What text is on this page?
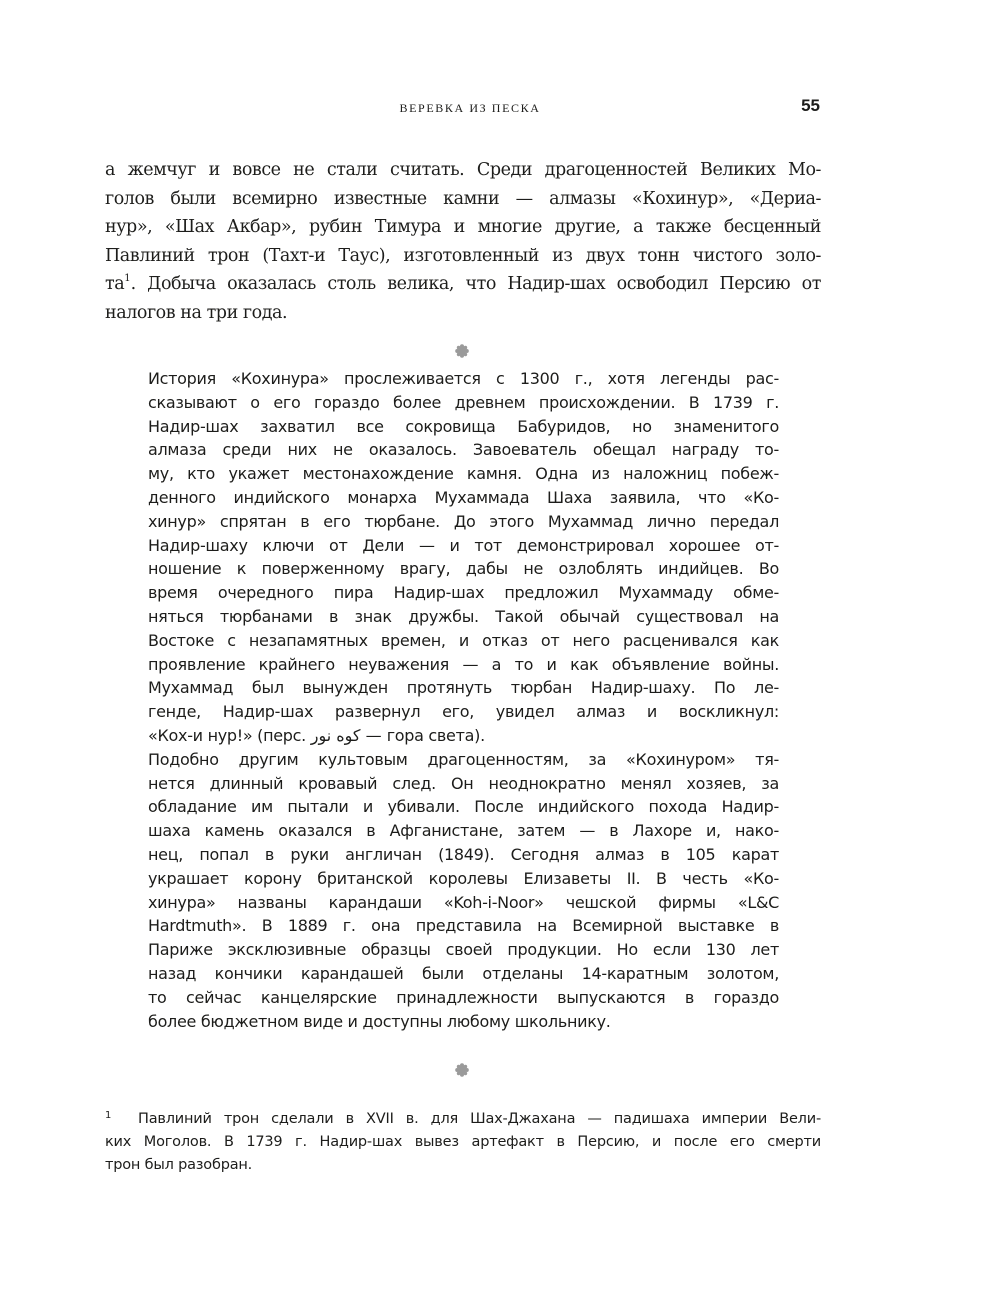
ВЕРЕВКА ИЗ ПЕСКА	55
а жемчуг и вовсе не стали считать. Среди драгоценностей Великих Мо-
голов были всемирно известные камни — алмазы «Кохинур», «Дериа-
нур», «Шах Акбар», рубин Тимура и многие другие, а также бесценный
Павлиний трон (Тахт-и Таус), изготовленный из двух тонн чистого золо-
$та^1$. Добыча оказалась столь велика, что Надир-шах освободил Персию от
налогов на три года.
История «Кохинура» прослеживается с 1300 г., хотя легенды рас-
сказывают о его гораздо более древнем происхождении. В 1739 г.
Надир-шах захватил все сокровища Бабуридов, но знаменитого
алмаза среди них не оказалось. Завоеватель обещал награду то-
му, кто укажет местонахождение камня. Одна из наложниц побеж-
денного индийского монарха Мухаммада Шаха заявила, что «Ко-
хинур» спрятан в его тюрбане. До этого Мухаммад лично передал
Надир-шаху ключи от Дели — и тот демонстрировал хорошее от-
ношение к поверженному врагу, дабы не озлоблять индийцев. Во
время очередного пира Надир-шах предложил Мухаммаду обме-
няться тюрбанами в знак дружбы. Такой обычай существовал на
Востоке с незапамятных времен, и отказ от него расценивался как
проявление крайнего неуважения — а то и как объявление войны.
Мухаммад был вынужден протянуть тюрбан Надир-шаху. По ле-
генде, Надир-шах развернул его, увидел алмаз и воскликнул:
«Кох-и нур!» (перс. کوه نور — гора света).
Подобно другим культовым драгоценностям, за «Кохинуром» тя-
нется длинный кровавый след. Он неоднократно менял хозяев, за
обладание им пытали и убивали. После индийского похода Надир-
шаха камень оказался в Афганистане, затем — в Лахоре и, нако-
нец, попал в руки англичан (1849). Сегодня алмаз в 105 карат
украшает корону британской королевы Елизаветы II. В честь «Ко-
хинура» названы карандаши «Koh-i-Noor» чешской фирмы «L&C
Hardtmuth». В 1889 г. она представила на Всемирной выставке в
Париже эксклюзивные образцы своей продукции. Но если 130 лет
назад кончики карандашей были отделаны 14-каратным золотом,
то сейчас канцелярские принадлежности выпускаются в гораздо
более бюджетном виде и доступны любому школьнику.
1 Павлиний трон сделали в XVII в. для Шах-Джахана — падишаха империи Вели-
ких Моголов. В 1739 г. Надир-шах вывез артефакт в Персию, и после его смерти
трон был разобран.
